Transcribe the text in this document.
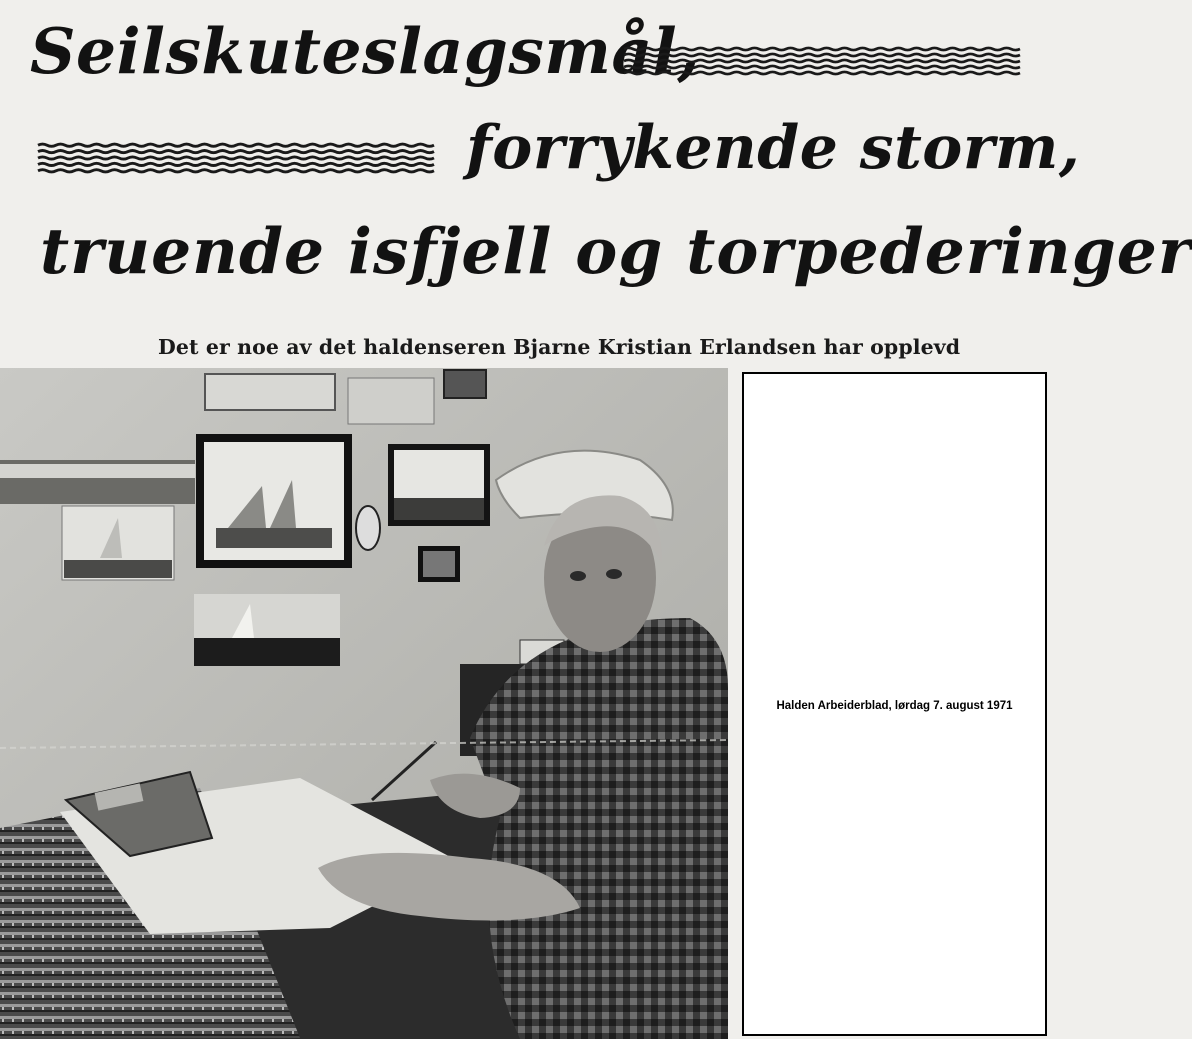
Seilskuteslagsmål,
forrykende storm,
truende isfjell og torpederinger

Det er noe av det haldenseren Bjarne Kristian Erlandsen har opplevd

Halden Arbeiderblad, lørdag 7. august 1971
